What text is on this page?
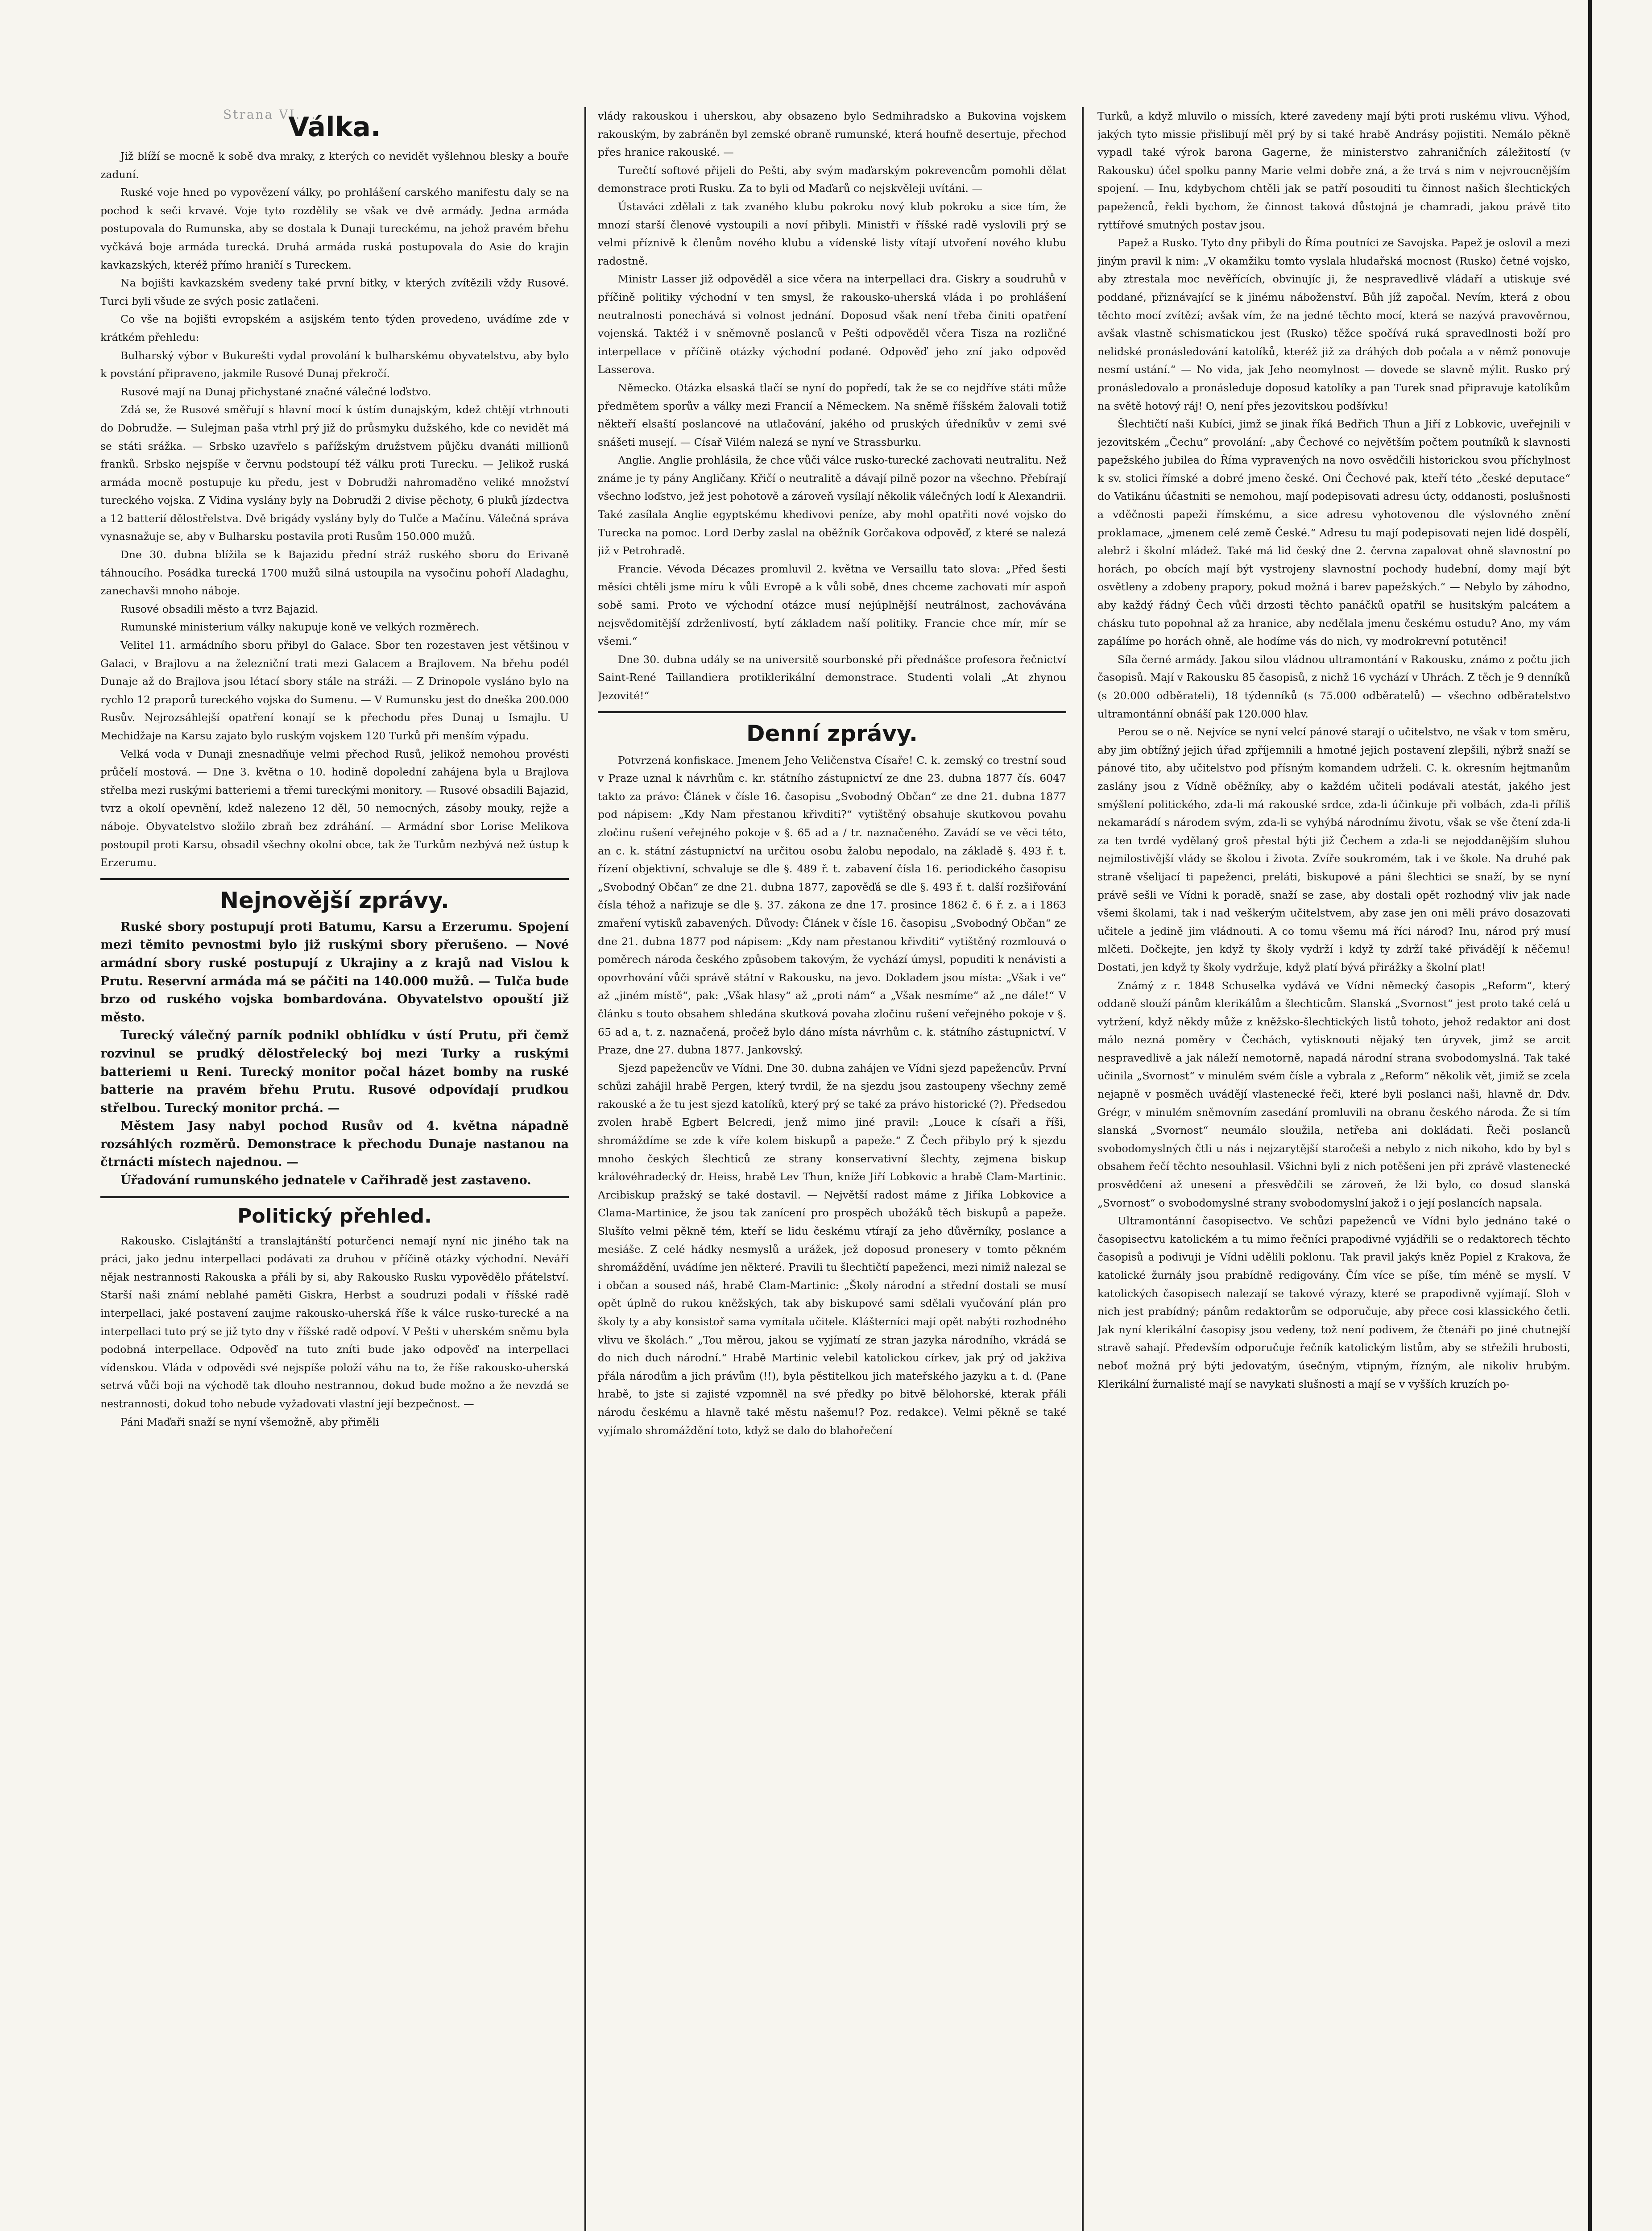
Strana VI. ...
Válka.

Již blíží se mocně k sobě dva mraky, z kterých co nevidět vyšlehnou blesky a bouře zaduní.

Ruské voje hned po vypovězení války, po prohlášení carského manifestu daly se na pochod k seči krvavé. Voje tyto rozdělily se však ve dvě armády. Jedna armáda postupovala do Rumunska, aby se dostala k Dunaji tureckému, na jehož pravém břehu vyčkává boje armáda turecká. Druhá armáda ruská postupovala do Asie do krajin kavkazských, kteréž přímo hraničí s Tureckem.

Na bojišti kavkazském svedeny také první bitky, v kterých zvítězili vždy Rusové. Turci byli všude ze svých posic zatlačeni.

Co vše na bojišti evropském a asijském tento týden provedeno, uvádíme zde v krátkém přehledu:

Bulharský výbor v Bukurešti vydal provolání k bulharskému obyvatelstvu, aby bylo k povstání připraveno, jakmile Rusové Dunaj překročí.

Rusové mají na Dunaj přichystané značné válečné loďstvo.

Zdá se, že Rusové směřují s hlavní mocí k ústím dunajským, kdež chtějí vtrhnouti do Dobrudže. — Sulejman paša vtrhl prý již do průsmyku dužského, kde co nevidět má se státi srážka. — Srbsko uzavřelo s pařížským družstvem půjčku dvanáti millionů franků. Srbsko nejspíše v červnu podstoupí též válku proti Turecku. — Jelikož ruská armáda mocně postupuje ku předu, jest v Dobrudži nahromaděno veliké množství tureckého vojska. Z Vidina vyslány byly na Dobrudži 2 divise pěchoty, 6 pluků jízdectva a 12 batterií dělostřelstva. Dvě brigády vyslány byly do Tulče a Mačínu. Válečná správa vynasnažuje se, aby v Bulharsku postavila proti Rusům 150.000 mužů.

Dne 30. dubna blížila se k Bajazidu přední stráž ruského sboru do Erivaně táhnoucího. Posádka turecká 1700 mužů silná ustoupila na vysočinu pohoří Aladaghu, zanechavši mnoho náboje.

Rusové obsadili město a tvrz Bajazid.

Rumunské ministerium války nakupuje koně ve velkých rozměrech.

Velitel 11. armádního sboru přibyl do Galace. Sbor ten rozestaven jest většinou v Galaci, v Brajlovu a na železniční trati mezi Galacem a Brajlovem. Na břehu podél Dunaje až do Brajlova jsou létací sbory stále na stráži. — Z Drinopole vysláno bylo na rychlo 12 praporů tureckého vojska do Sumenu. — V Rumunsku jest do dneška 200.000 Rusův. Nejrozsáhlejší opatření konají se k přechodu přes Dunaj u Ismajlu. U Mechidžaje na Karsu zajato bylo ruským vojskem 120 Turků při menším výpadu.

Velká voda v Dunaji znesnadňuje velmi přechod Rusů, jelikož nemohou provésti průčelí mostová. — Dne 3. května o 10. hodině dopolední zahájena byla u Brajlova střelba mezi ruskými batteriemi a třemi tureckými monitory. — Rusové obsadili Bajazid, tvrz a okolí opevnění, kdež nalezeno 12 děl, 50 nemocných, zásoby mouky, rejže a náboje. Obyvatelstvo složilo zbraň bez zdráhání. — Armádní sbor Lorise Melikova postoupil proti Karsu, obsadil všechny okolní obce, tak že Turkům nezbývá než ústup k Erzerumu.

Nejnovější zprávy.

Ruské sbory postupují proti Batumu, Karsu a Erzerumu. Spojení mezi těmito pevnostmi bylo již ruskými sbory přerušeno. — Nové armádní sbory ruské postupují z Ukrajiny a z krajů nad Vislou k Prutu. Reservní armáda má se páčiti na 140.000 mužů. — Tulča bude brzo od ruského vojska bombardována. Obyvatelstvo opouští již město.

Turecký válečný parník podnikl obhlídku v ústí Prutu, při čemž rozvinul se prudký dělostřelecký boj mezi Turky a ruskými batteriemi u Reni. Turecký monitor počal házet bomby na ruské batterie na pravém břehu Prutu. Rusové odpovídají prudkou střelbou. Turecký monitor prchá. —

Městem Jasy nabyl pochod Rusův od 4. května nápadně rozsáhlých rozměrů. Demonstrace k přechodu Dunaje nastanou na čtrnácti místech najednou. —

Úřadování rumunského jednatele v Cařihradě jest zastaveno.

Politický přehled.

Rakousko. Cislajtánští a translajtánští poturčenci nemají nyní nic jiného tak na práci, jako jednu interpellaci podávati za druhou v příčině otázky východní. Neváří nějak nestrannosti Rakouska a přáli by si, aby Rakousko Rusku vypovědělo přátelství. Starší naši známí neblahé paměti Giskra, Herbst a soudruzi podali v říšské radě interpellaci, jaké postavení zaujme rakousko-uherská říše k válce rusko-turecké a na interpellaci tuto prý se již tyto dny v říšské radě odpoví. V Pešti v uherském sněmu byla podobná interpellace. Odpověď na tuto zníti bude jako odpověď na interpellaci vídenskou. Vláda v odpovědi své nejspíše položí váhu na to, že říše rakousko-uherská setrvá vůči boji na východě tak dlouho nestrannou, dokud bude možno a že nevzdá se nestrannosti, dokud toho nebude vyžadovati vlastní její bezpečnost. —

Páni Maďaři snaží se nyní všemožně, aby přiměli

vlády rakouskou i uherskou, aby obsazeno bylo Sedmihradsko a Bukovina vojskem rakouským, by zabráněn byl zemské obraně rumunské, která houfně desertuje, přechod přes hranice rakouské. —

Turečtí softové přijeli do Pešti, aby svým maďarským pokrevencům pomohli dělat demonstrace proti Rusku. Za to byli od Maďarů co nejskvěleji uvítáni. —

Ústaváci zdělali z tak zvaného klubu pokroku nový klub pokroku a sice tím, že mnozí starší členové vystoupili a noví přibyli. Ministři v říšské radě vyslovili prý se velmi příznivě k členům nového klubu a vídenské listy vítají utvoření nového klubu radostně.

Ministr Lasser již odpověděl a sice včera na interpellaci dra. Giskry a soudruhů v příčině politiky východní v ten smysl, že rakousko-uherská vláda i po prohlášení neutralnosti ponechává si volnost jednání. Doposud však není třeba činiti opatření vojenská. Taktéž i v sněmovně poslanců v Pešti odpověděl včera Tisza na rozličné interpellace v příčině otázky východní podané. Odpověď jeho zní jako odpověď Lasserova.

Německo. Otázka elsaská tlačí se nyní do popředí, tak že se co nejdříve státi může předmětem sporův a války mezi Francií a Německem. Na sněmě říšském žalovali totiž někteří elsaští poslancové na utlačování, jakého od pruských úředníkův v zemi své snášeti musejí. — Císař Vilém nalezá se nyní ve Strassburku.

Anglie. Anglie prohlásila, že chce vůči válce rusko-turecké zachovati neutralitu. Než známe je ty pány Angličany. Křičí o neutralitě a dávají pilně pozor na všechno. Přebírají všechno loďstvo, jež jest pohotově a zároveň vysílají několik válečných lodí k Alexandrii. Také zasílala Anglie egyptskému khedivovi peníze, aby mohl opatřiti nové vojsko do Turecka na pomoc. Lord Derby zaslal na oběžník Gorčakova odpověď, z které se nalezá již v Petrohradě.

Francie. Vévoda Décazes promluvil 2. května ve Versaillu tato slova: „Před šesti měsíci chtěli jsme míru k vůli Evropě a k vůli sobě, dnes chceme zachovati mír aspoň sobě sami. Proto ve východní otázce musí nejúplnější neutrálnost, zachovávána nejsvědomitější zdrženlivostí, bytí základem naší politiky. Francie chce mír, mír se všemi.“

Dne 30. dubna udály se na universitě sourbonské při přednášce profesora řečnictví Saint-René Taillandiera protiklerikální demonstrace. Studenti volali „At zhynou Jezovité!“

Denní zprávy.

Potvrzená konfiskace. Jmenem Jeho Veličenstva Císaře! C. k. zemský co trestní soud v Praze uznal k návrhům c. kr. státního zástupnictví ze dne 23. dubna 1877 čís. 6047 takto za právo: Článek v čísle 16. časopisu „Svobodný Občan“ ze dne 21. dubna 1877 pod nápisem: „Kdy Nam přestanou křivditi?“ vytištěný obsahuje skutkovou povahu zločinu rušení veřejného pokoje v §. 65 ad a / tr. naznačeného. Zavádí se ve věci této, an c. k. státní zástupnictví na určitou osobu žalobu nepodalo, na základě §. 493 ř. t. řízení objektivní, schvaluje se dle §. 489 ř. t. zabavení čísla 16. periodického časopisu „Svobodný Občan“ ze dne 21. dubna 1877, zapověďá se dle §. 493 ř. t. další rozšiřování čísla téhož a nařizuje se dle §. 37. zákona ze dne 17. prosince 1862 č. 6 ř. z. a i 1863 zmaření vytisků zabavených. Důvody: Článek v čísle 16. časopisu „Svobodný Občan“ ze dne 21. dubna 1877 pod nápisem: „Kdy nam přestanou křivditi“ vytištěný rozmlouvá o poměrech národa českého způsobem takovým, že vychází úmysl, popuditi k nenávisti a opovrhování vůči správě státní v Rakousku, na jevo. Dokladem jsou místa: „Však i ve“ až „jiném místě“, pak: „Však hlasy“ až „proti nám“ a „Však nesmíme“ až „ne dále!“ V článku s touto obsahem shledána skutková povaha zločinu rušení veřejného pokoje v §. 65 ad a, t. z. naznačená, pročež bylo dáno místa návrhům c. k. státního zástupnictví. V Praze, dne 27. dubna 1877. Jankovský.

Sjezd papežencův ve Vídni. Dne 30. dubna zahájen ve Vídni sjezd papežencův. První schůzi zahájil hrabě Pergen, který tvrdil, že na sjezdu jsou zastoupeny všechny země rakouské a že tu jest sjezd katolíků, který prý se také za právo historické (?). Předsedou zvolen hrabě Egbert Belcredi, jenž mimo jiné pravil: „Louce k císaři a říši, shromáždíme se zde k víře kolem biskupů a papeže.“ Z Čech přibylo prý k sjezdu mnoho českých šlechticů ze strany konservativní šlechty, zejmena biskup královéhradecký dr. Heiss, hrabě Lev Thun, kníže Jiří Lobkovic a hrabě Clam-Martinic. Arcibiskup pražský se také dostavil. — Největší radost máme z Jiříka Lobkovice a Clama-Martinice, že jsou tak zanícení pro prospěch ubožáků těch biskupů a papeže. Slušíto velmi pěkně tém, kteří se lidu českému vtírají za jeho důvěrníky, poslance a mesiáše. Z celé hádky nesmyslů a urážek, jež doposud pronesery v tomto pěkném shromáždění, uvádíme jen některé. Pravili tu šlechtičtí papeženci, mezi nimiž nalezal se i občan a soused náš, hrabě Clam-Martinic: „Školy národní a střední dostali se musí opět úplně do rukou kněžských, tak aby biskupové sami sdělali vyučování plán pro školy ty a aby konsistoř sama vymítala učitele. Klášterníci mají opět nabýti rozhodného vlivu ve školách.“ „Tou měrou, jakou se vyjímatí ze stran jazyka národního, vkrádá se do nich duch národní.“ Hrabě Martinic velebil katolickou církev, jak prý od jakživa přála národům a jich právům (!!), byla pěstitelkou jich mateřského jazyku a t. d. (Pane hrabě, to jste si zajisté vzpomněl na své předky po bitvě bělohorské, kterak přáli národu českému a hlavně také městu našemu!? Poz. redakce). Velmi pěkně se také vyjímalo shromáždění toto, když se dalo do blahořečení

Turků, a když mluvilo o missích, které zavedeny mají býti proti ruskému vlivu. Výhod, jakých tyto missie přislibují měl prý by si také hrabě Andrásy pojistiti. Nemálo pěkně vypadl také výrok barona Gagerne, že ministerstvo zahraničních záležitostí (v Rakousku) účel spolku panny Marie velmi dobře zná, a že trvá s nim v nejvroucnějším spojení. — Inu, kdybychom chtěli jak se patří posouditi tu činnost našich šlechtických papeženců, řekli bychom, že činnost taková důstojná je chamradi, jakou právě tito ryttířové smutných postav jsou.

Papež a Rusko. Tyto dny přibyli do Říma poutníci ze Savojska. Papež je oslovil a mezi jiným pravil k nim: „V okamžiku tomto vyslala hludařská mocnost (Rusko) četné vojsko, aby ztrestala moc nevěřících, obvinujíc ji, že nespravedlivě vládaří a utiskuje své poddané, přiznávající se k jinému náboženství. Bůh jíž započal. Nevím, která z obou těchto mocí zvítězí; avšak vím, že na jedné těchto mocí, která se nazývá pravověrnou, avšak vlastně schismatickou jest (Rusko) těžce spočívá ruká spravedlnosti boží pro nelidské pronásledování katolíků, kteréž již za dráhých dob počala a v němž ponovuje nesmí ustání.“ — No vida, jak Jeho neomylnost — dovede se slavně mýlit. Rusko prý pronásledovalo a pronásleduje doposud katolíky a pan Turek snad připravuje katolíkům na světě hotový ráj! O, není přes jezovitskou podšívku!

Šlechtičtí naši Kubíci, jimž se jinak říká Bedřich Thun a Jiří z Lobkovic, uveřejnili v jezovitském „Čechu“ provolání: „aby Čechové co největším počtem poutníků k slavnosti papežského jubilea do Říma vypravených na novo osvědčili historickou svou příchylnost k sv. stolici římské a dobré jmeno české. Oni Čechové pak, kteří této „české deputace“ do Vatikánu účastniti se nemohou, mají podepisovati adresu úcty, oddanosti, poslušnosti a vděčnosti papeži římskému, a sice adresu vyhotovenou dle výslovného znění proklamace, „jmenem celé země České.“ Adresu tu mají podepisovati nejen lidé dospělí, alebrž i školní mládež. Také má lid český dne 2. června zapalovat ohně slavnostní po horách, po obcích mají být vystrojeny slavnostní pochody hudební, domy mají být osvětleny a zdobeny prapory, pokud možná i barev papežských.“ — Nebylo by záhodno, aby každý řádný Čech vůči drzosti těchto panáčků opatřil se husitským palcátem a chásku tuto popohnal až za hranice, aby nedělala jmenu českému ostudu? Ano, my vám zapálíme po horách ohně, ale hodíme vás do nich, vy modrokrevní potutěnci!

Síla černé armády. Jakou silou vládnou ultramontání v Rakousku, známo z počtu jich časopisů. Mají v Rakousku 85 časopisů, z nichž 16 vychází v Uhrách. Z těch je 9 denníků (s 20.000 odběrateli), 18 týdenníků (s 75.000 odběratelů) — všechno odběratelstvo ultramontánní obnáší pak 120.000 hlav.

Perou se o ně. Nejvíce se nyní velcí pánové starají o učitelstvo, ne však v tom směru, aby jim obtížný jejich úřad zpříjemnili a hmotné jejich postavení zlepšili, nýbrž snaží se pánové tito, aby učitelstvo pod přísným komandem udrželi. C. k. okresním hejtmanům zaslány jsou z Vídně oběžníky, aby o každém učiteli podávali atestát, jakého jest smýšlení politického, zda-li má rakouské srdce, zda-li účinkuje při volbách, zda-li příliš nekamarádí s národem svým, zda-li se vyhýbá národnímu životu, však se vše čtení zda-li za ten tvrdé vydělaný groš přestal býti již Čechem a zda-li se nejoddanějším sluhou nejmilostivější vlády se školou i života. Zvíře soukromém, tak i ve škole. Na druhé pak straně všelijací ti papeženci, preláti, biskupové a páni šlechtici se snaží, by se nyní právě sešli ve Vídni k poradě, snaží se zase, aby dostali opět rozhodný vliv jak nade všemi školami, tak i nad veškerým učitelstvem, aby zase jen oni měli právo dosazovati učitele a jedině jim vládnouti. A co tomu všemu má říci národ? Inu, národ prý musí mlčeti. Dočkejte, jen když ty školy vydrží i když ty zdrží také přivádějí k něčemu! Dostati, jen když ty školy vydržuje, když platí bývá přirážky a školní plat!

Známý z r. 1848 Schuselka vydává ve Vídni německý časopis „Reform“, který oddaně slouží pánům klerikálům a šlechticům. Slanská „Svornost“ jest proto také celá u vytržení, když někdy může z kněžsko-šlechtických listů tohoto, jehož redaktor ani dost málo nezná poměry v Čechách, vytisknouti nějaký ten úryvek, jimž se arcit nespravedlivě a jak náleží nemotorně, napadá národní strana svobodomyslná. Tak také učinila „Svornost“ v minulém svém čísle a vybrala z „Reform“ několik vět, jimiž se zcela nejapně v posměch uvádějí vlastenecké řeči, které byli poslanci naši, hlavně dr. Ddv. Grégr, v minulém sněmovním zasedání promluvili na obranu českého národa. Že si tím slanská „Svornost“ neumálo sloužila, netřeba ani dokládati. Řeči poslanců svobodomyslných čtli u nás i nejzarytější staročeši a nebylo z nich nikoho, kdo by byl s obsahem řečí těchto nesouhlasil. Všichni byli z nich potěšeni jen při zprávě vlastenecké prosvědčení až unesení a přesvědčili se zároveň, že lži bylo, co dosud slanská „Svornost“ o svobodomyslné strany svobodomyslní jakož i o její poslancích napsala.

Ultramontánní časopisectvo. Ve schůzi papeženců ve Vídni bylo jednáno také o časopisectvu katolickém a tu mimo řečníci prapodivné vyjádřili se o redaktorech těchto časopisů a podivuji je Vídni udělili poklonu. Tak pravil jakýs kněz Popiel z Krakova, že katolické žurnály jsou prabídně redigovány. Čím více se píše, tím méně se myslí. V katolických časopisech nalezají se takové výrazy, které se prapodivně vyjímají. Sloh v nich jest prabídný; pánům redaktorům se odporučuje, aby přece cosi klassického četli. Jak nyní klerikální časopisy jsou vedeny, tož není podivem, že čtenáři po jiné chutnejší stravě sahají. Především odporučuje řečník katolickým listům, aby se střežili hrubosti, neboť možná prý býti jedovatým, úsečným, vtipným, řízným, ale nikoliv hrubým. Klerikální žurnalisté mají se navykati slušnosti a mají se v vyšších kruzích po-
